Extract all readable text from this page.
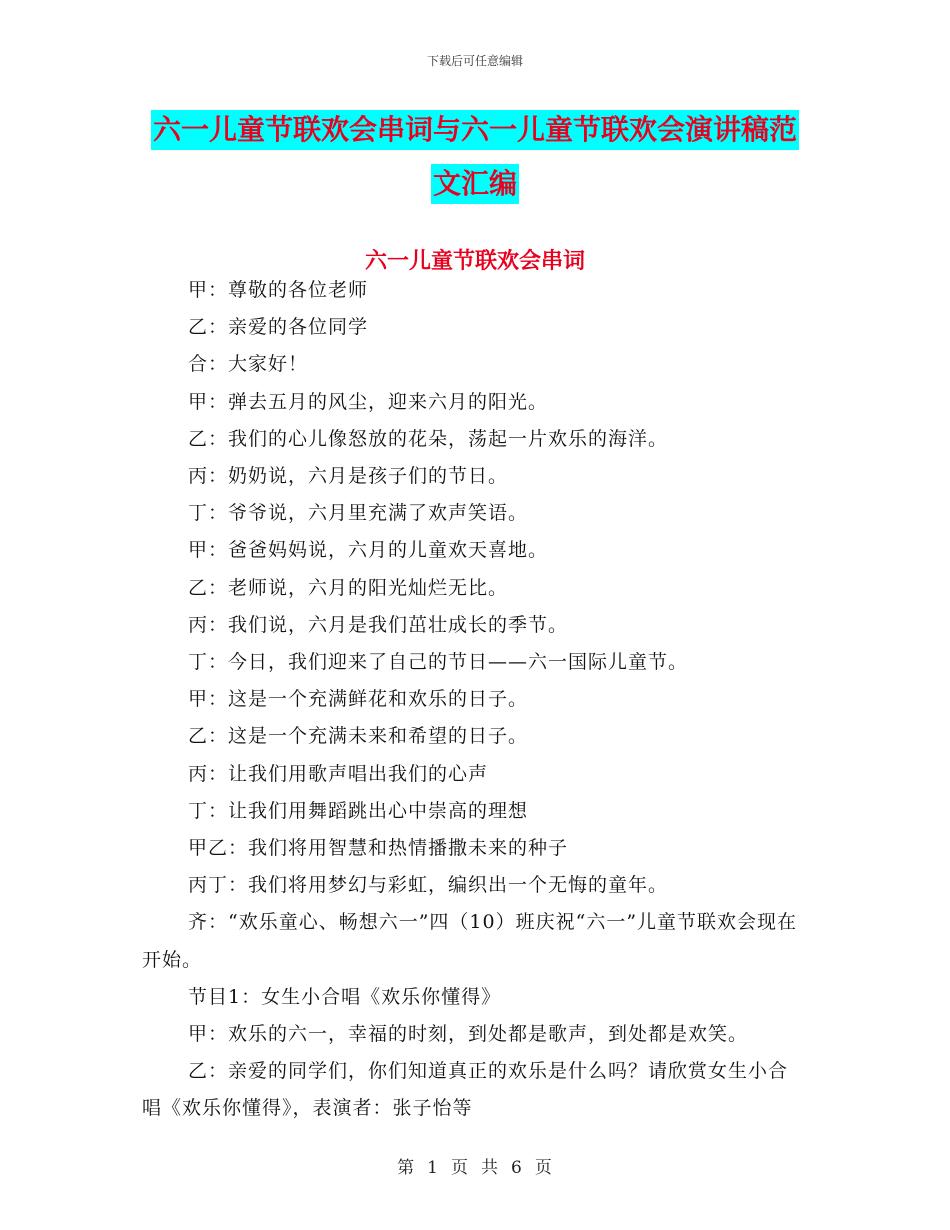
下载后可任意编辑
六一儿童节联欢会串词与六一儿童节联欢会演讲稿范
文汇编
六一儿童节联欢会串词

甲：尊敬的各位老师

乙：亲爱的各位同学

合：大家好！

甲：弹去五月的风尘，迎来六月的阳光。

乙：我们的心儿像怒放的花朵，荡起一片欢乐的海洋。

丙：奶奶说，六月是孩子们的节日。

丁：爷爷说，六月里充满了欢声笑语。

甲：爸爸妈妈说，六月的儿童欢天喜地。

乙：老师说，六月的阳光灿烂无比。

丙：我们说，六月是我们茁壮成长的季节。

丁：今日，我们迎来了自己的节日——六一国际儿童节。

甲：这是一个充满鲜花和欢乐的日子。

乙：这是一个充满未来和希望的日子。

丙：让我们用歌声唱出我们的心声

丁：让我们用舞蹈跳出心中崇高的理想

甲乙：我们将用智慧和热情播撒未来的种子

丙丁：我们将用梦幻与彩虹，编织出一个无悔的童年。

齐：“欢乐童心、畅想六一”四（10）班庆祝“六一”儿童节联欢会现在开始。

节目1：女生小合唱《欢乐你懂得》

甲：欢乐的六一，幸福的时刻，到处都是歌声，到处都是欢笑。

乙：亲爱的同学们，你们知道真正的欢乐是什么吗？请欣赏女生小合唱《欢乐你懂得》，表演者：张子怡等

第 1 页 共 6 页
